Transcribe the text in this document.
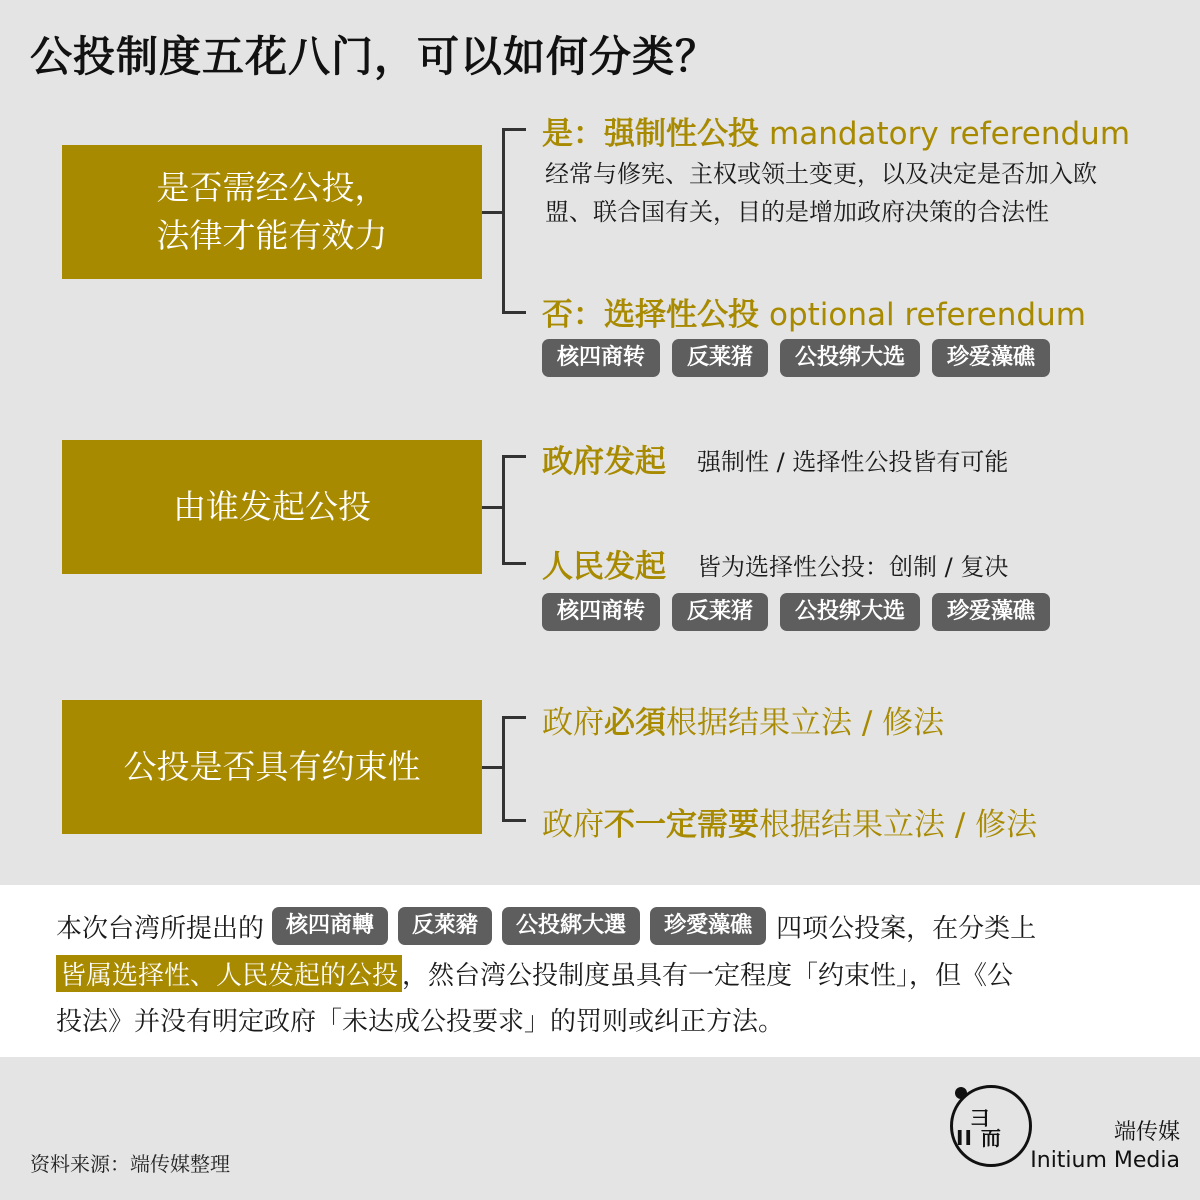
公投制度五花八门，可以如何分类？
是否需经公投，
法律才能有效力
是：强制性公投 mandatory referendum
经常与修宪、主权或领土变更，以及决定是否加入欧
盟、联合国有关，目的是增加政府决策的合法性
否：选择性公投 optional referendum
核四商转	反莱猪	公投绑大选	珍爱藻礁
由谁发起公投
政府发起 强制性 / 选择性公投皆有可能
人民发起 皆为选择性公投：创制 / 复决
核四商转	反莱猪	公投绑大选	珍爱藻礁
公投是否具有约束性
政府必須根据结果立法 / 修法
政府不一定需要根据结果立法 / 修法
本次台湾所提出的	核四商轉	反萊豬	公投綁大選	珍愛藻礁 四项公投案，在分类上
皆属选择性、人民发起的公投 ，然台湾公投制度虽具有一定程度「约束性」，但《公
投法》并没有明定政府「未达成公投要求」的罚则或纠正方法。
资料来源：端传媒整理
彐
II 而	端传媒
Initium Media
